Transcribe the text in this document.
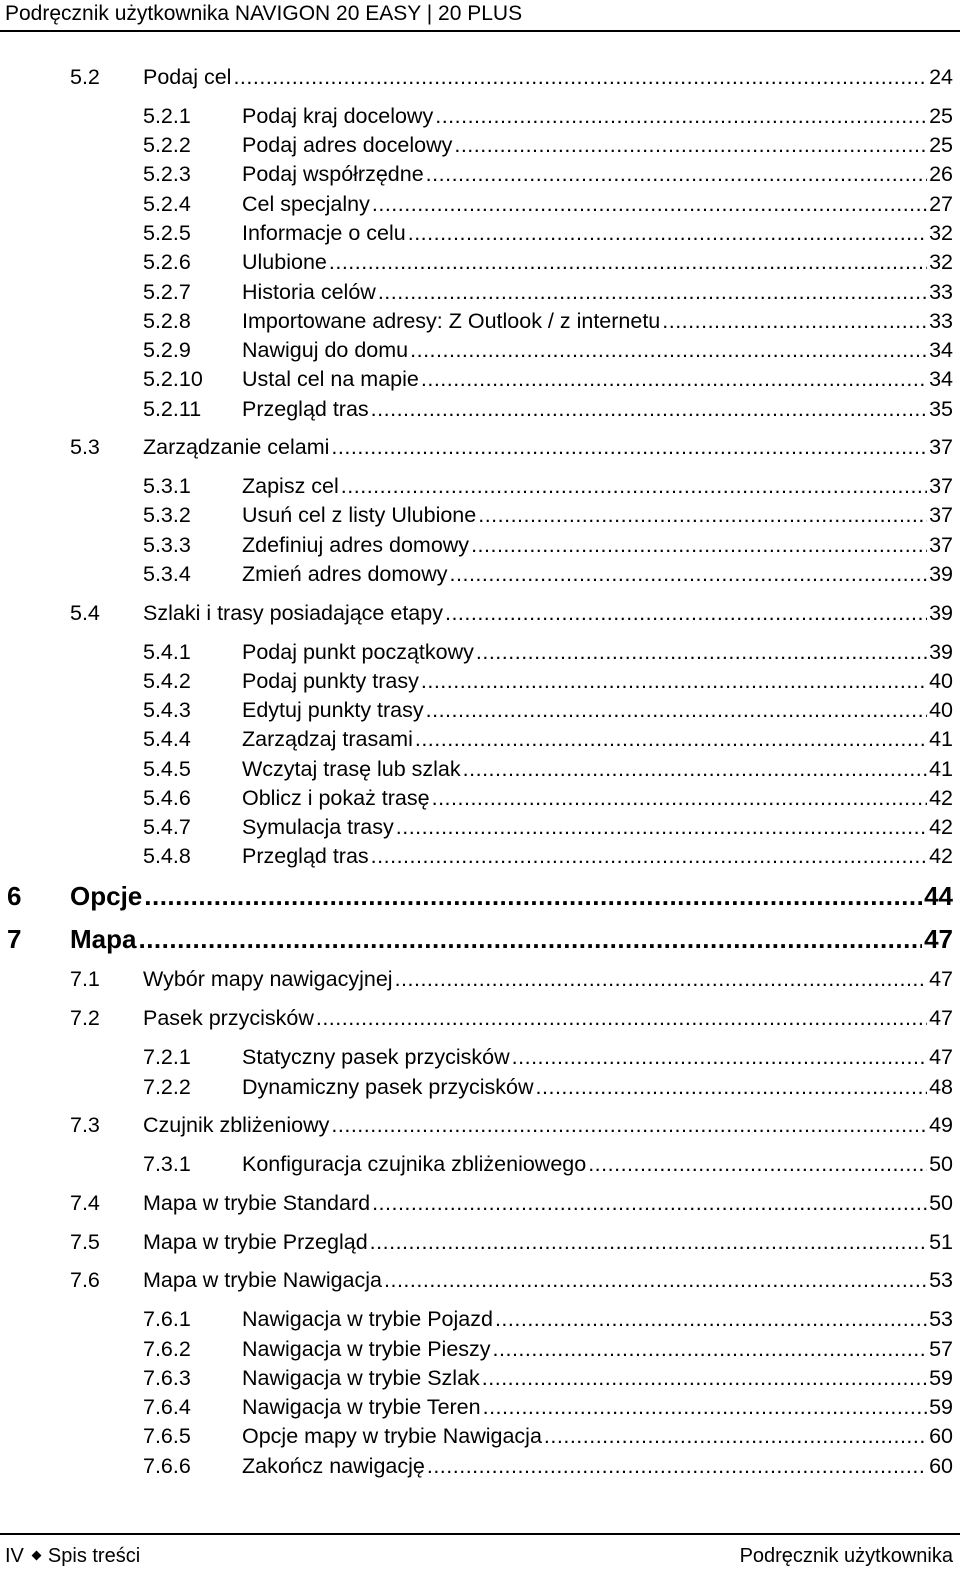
Podręcznik użytkownika NAVIGON 20 EASY | 20 PLUS
5.2 Podaj cel .....	24
5.2.1 Podaj kraj docelowy .....	25
5.2.2 Podaj adres docelowy .....	25
5.2.3 Podaj współrzędne .....	26
5.2.4 Cel specjalny .....	27
5.2.5 Informacje o celu .....	32
5.2.6 Ulubione .....	32
5.2.7 Historia celów .....	33
5.2.8 Importowane adresy: Z Outlook / z internetu .....	33
5.2.9 Nawiguj do domu .....	34
5.2.10 Ustal cel na mapie .....	34
5.2.11 Przegląd tras .....	35
5.3 Zarządzanie celami .....	37
5.3.1 Zapisz cel .....	37
5.3.2 Usuń cel z listy Ulubione .....	37
5.3.3 Zdefiniuj adres domowy .....	37
5.3.4 Zmień adres domowy .....	39
5.4 Szlaki i trasy posiadające etapy .....	39
5.4.1 Podaj punkt początkowy .....	39
5.4.2 Podaj punkty trasy .....	40
5.4.3 Edytuj punkty trasy .....	40
5.4.4 Zarządzaj trasami .....	41
5.4.5 Wczytaj trasę lub szlak .....	41
5.4.6 Oblicz i pokaż trasę .....	42
5.4.7 Symulacja trasy .....	42
5.4.8 Przegląd tras .....	42
6 Opcje .....	44
7 Mapa .....	47
7.1 Wybór mapy nawigacyjnej .....	47
7.2 Pasek przycisków .....	47
7.2.1 Statyczny pasek przycisków .....	47
7.2.2 Dynamiczny pasek przycisków .....	48
7.3 Czujnik zbliżeniowy .....	49
7.3.1 Konfiguracja czujnika zbliżeniowego .....	50
7.4 Mapa w trybie Standard .....	50
7.5 Mapa w trybie Przegląd .....	51
7.6 Mapa w trybie Nawigacja .....	53
7.6.1 Nawigacja w trybie Pojazd .....	53
7.6.2 Nawigacja w trybie Pieszy .....	57
7.6.3 Nawigacja w trybie Szlak .....	59
7.6.4 Nawigacja w trybie Teren .....	59
7.6.5 Opcje mapy w trybie Nawigacja .....	60
7.6.6 Zakończ nawigację .....	60
IV Spis treści	Podręcznik użytkownika
